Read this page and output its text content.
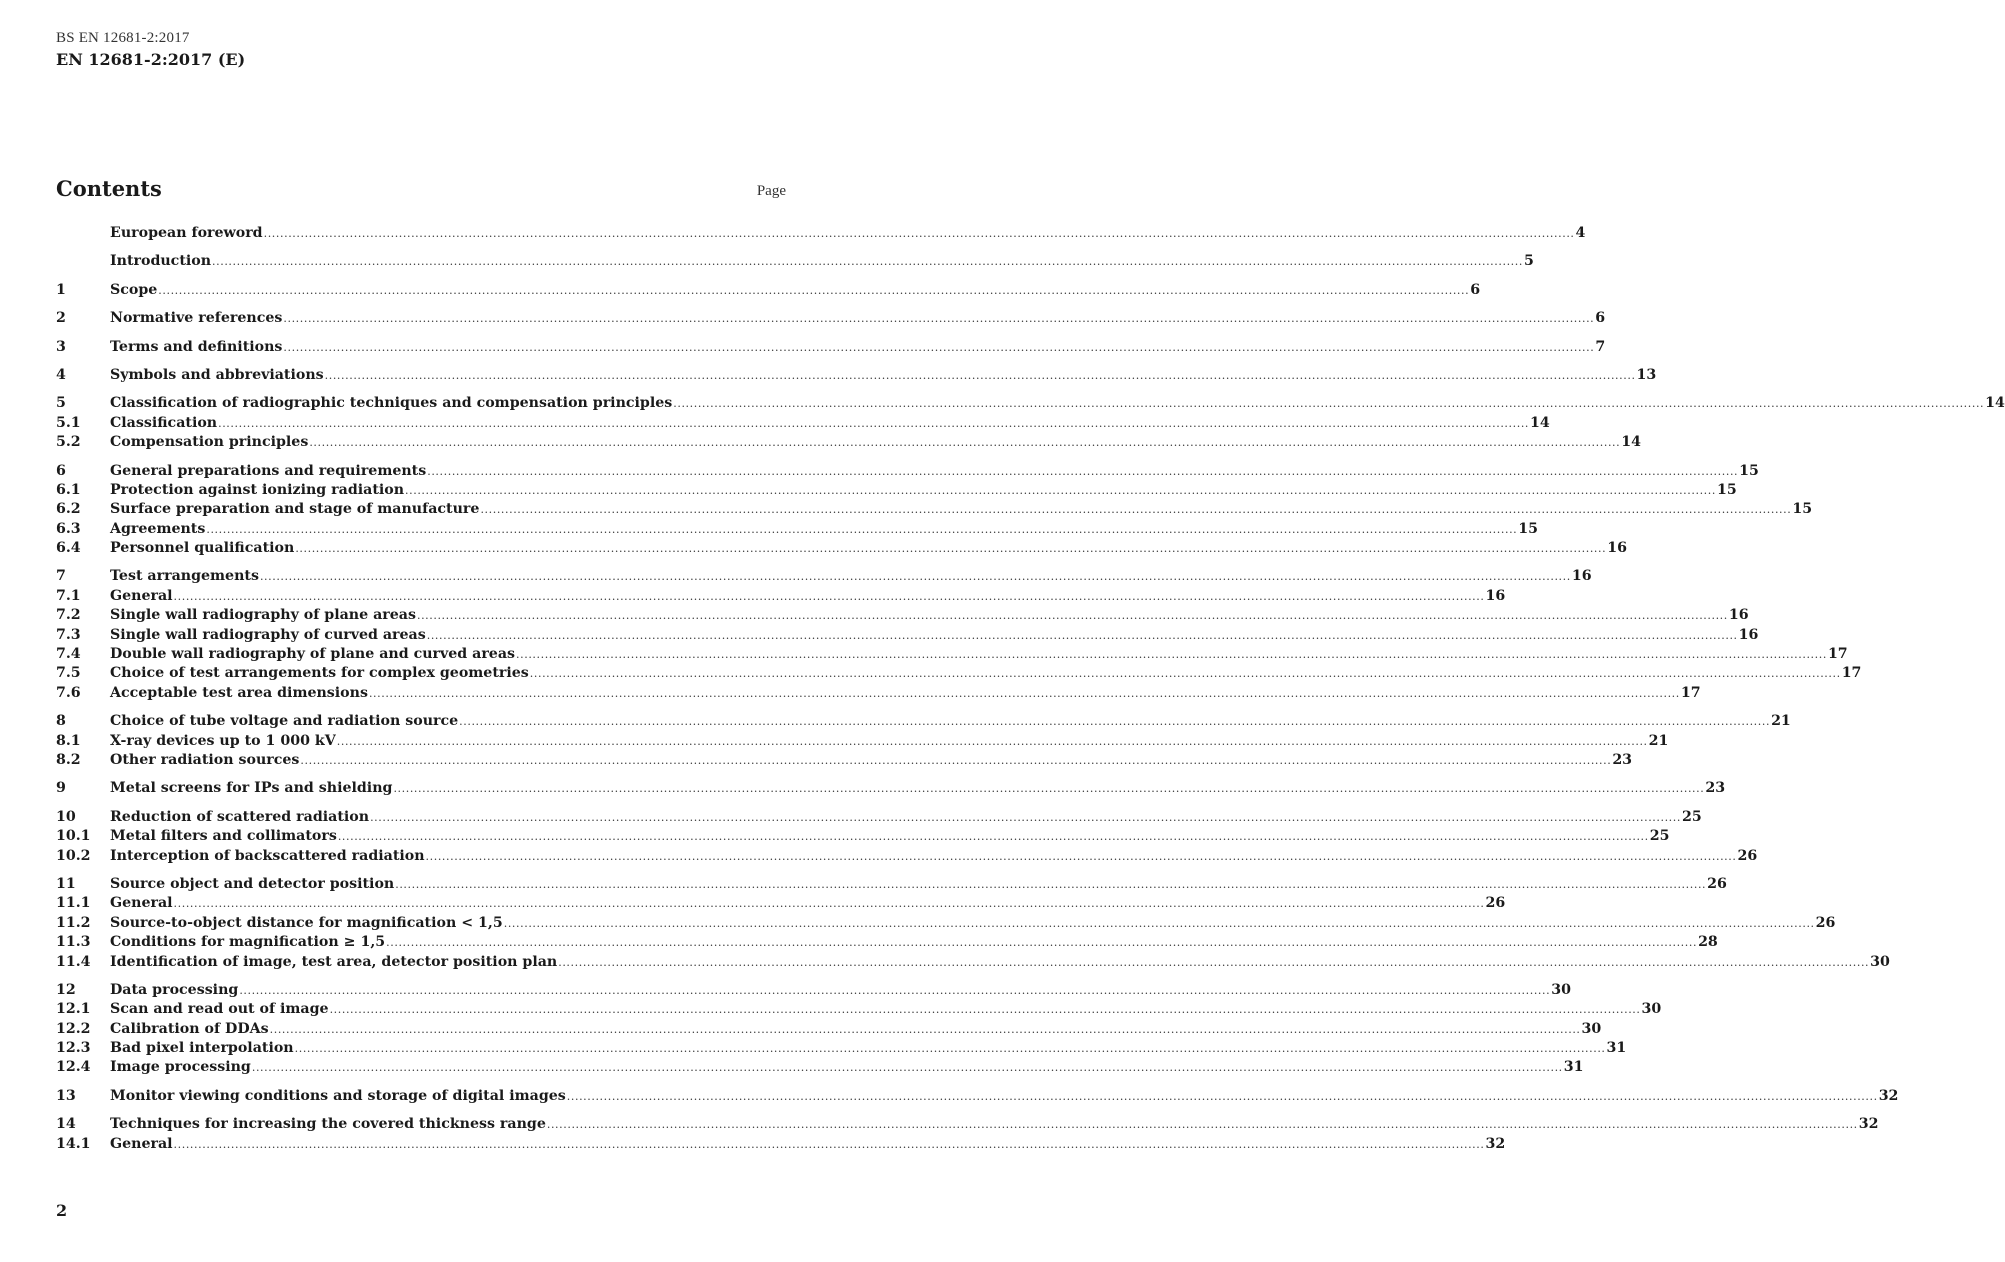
BS EN 12681-2:2017
EN 12681-2:2017 (E)
Contents	Page
European foreword .....	4
Introduction .....	5
1	Scope .....	6
2	Normative references .....	6
3	Terms and definitions .....	7
4	Symbols and abbreviations .....	13
5	Classification of radiographic techniques and compensation principles .....	14
5.1	Classification .....	14
5.2	Compensation principles .....	14
6	General preparations and requirements .....	15
6.1	Protection against ionizing radiation .....	15
6.2	Surface preparation and stage of manufacture .....	15
6.3	Agreements .....	15
6.4	Personnel qualification .....	16
7	Test arrangements .....	16
7.1	General .....	16
7.2	Single wall radiography of plane areas .....	16
7.3	Single wall radiography of curved areas .....	16
7.4	Double wall radiography of plane and curved areas .....	17
7.5	Choice of test arrangements for complex geometries .....	17
7.6	Acceptable test area dimensions .....	17
8	Choice of tube voltage and radiation source .....	21
8.1	X-ray devices up to 1 000 kV .....	21
8.2	Other radiation sources .....	23
9	Metal screens for IPs and shielding .....	23
10	Reduction of scattered radiation .....	25
10.1	Metal filters and collimators .....	25
10.2	Interception of backscattered radiation .....	26
11	Source object and detector position .....	26
11.1	General .....	26
11.2	Source-to-object distance for magnification < 1,5 .....	26
11.3	Conditions for magnification ≥ 1,5 .....	28
11.4	Identification of image, test area, detector position plan .....	30
12	Data processing .....	30
12.1	Scan and read out of image .....	30
12.2	Calibration of DDAs .....	30
12.3	Bad pixel interpolation .....	31
12.4	Image processing .....	31
13	Monitor viewing conditions and storage of digital images .....	32
14	Techniques for increasing the covered thickness range .....	32
14.1	General .....	32
2
